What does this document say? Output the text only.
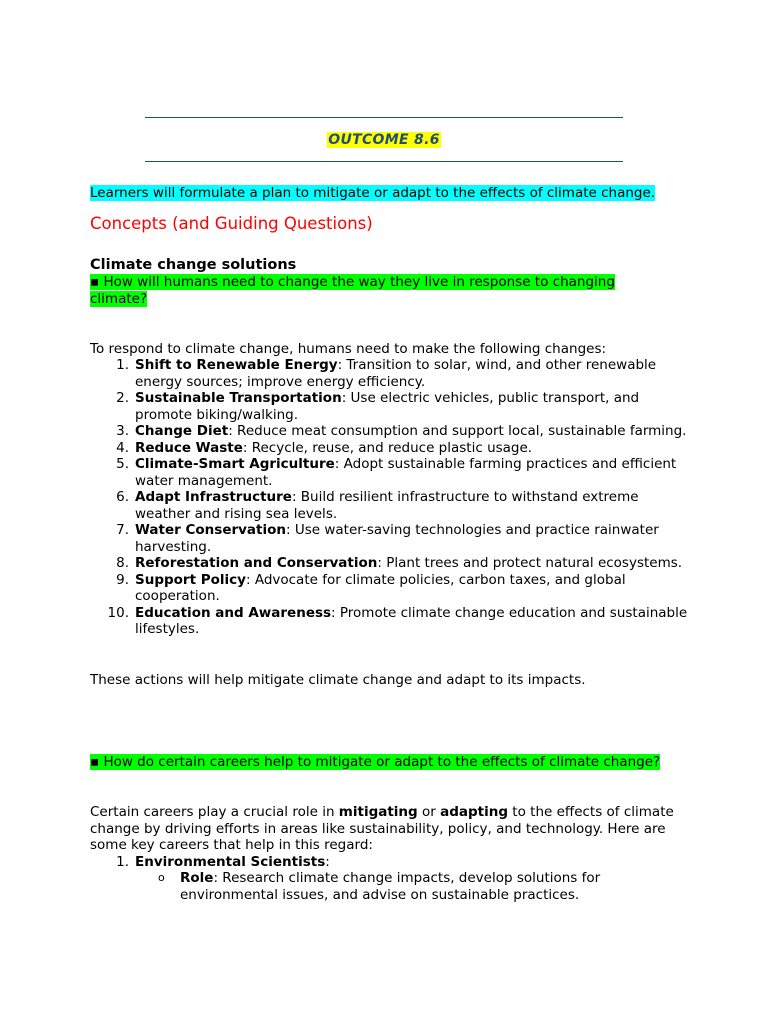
OUTCOME 8.6
Learners will formulate a plan to mitigate or adapt to the effects of climate change.
Concepts (and Guiding Questions)
Climate change solutions
▪ How will humans need to change the way they live in response to changing climate?
To respond to climate change, humans need to make the following changes:
1. Shift to Renewable Energy: Transition to solar, wind, and other renewable energy sources; improve energy efficiency.
2. Sustainable Transportation: Use electric vehicles, public transport, and promote biking/walking.
3. Change Diet: Reduce meat consumption and support local, sustainable farming.
4. Reduce Waste: Recycle, reuse, and reduce plastic usage.
5. Climate-Smart Agriculture: Adopt sustainable farming practices and efficient water management.
6. Adapt Infrastructure: Build resilient infrastructure to withstand extreme weather and rising sea levels.
7. Water Conservation: Use water-saving technologies and practice rainwater harvesting.
8. Reforestation and Conservation: Plant trees and protect natural ecosystems.
9. Support Policy: Advocate for climate policies, carbon taxes, and global cooperation.
10. Education and Awareness: Promote climate change education and sustainable lifestyles.
These actions will help mitigate climate change and adapt to its impacts.
▪ How do certain careers help to mitigate or adapt to the effects of climate change?
Certain careers play a crucial role in mitigating or adapting to the effects of climate change by driving efforts in areas like sustainability, policy, and technology. Here are some key careers that help in this regard:
1. Environmental Scientists:
o Role: Research climate change impacts, develop solutions for environmental issues, and advise on sustainable practices.
